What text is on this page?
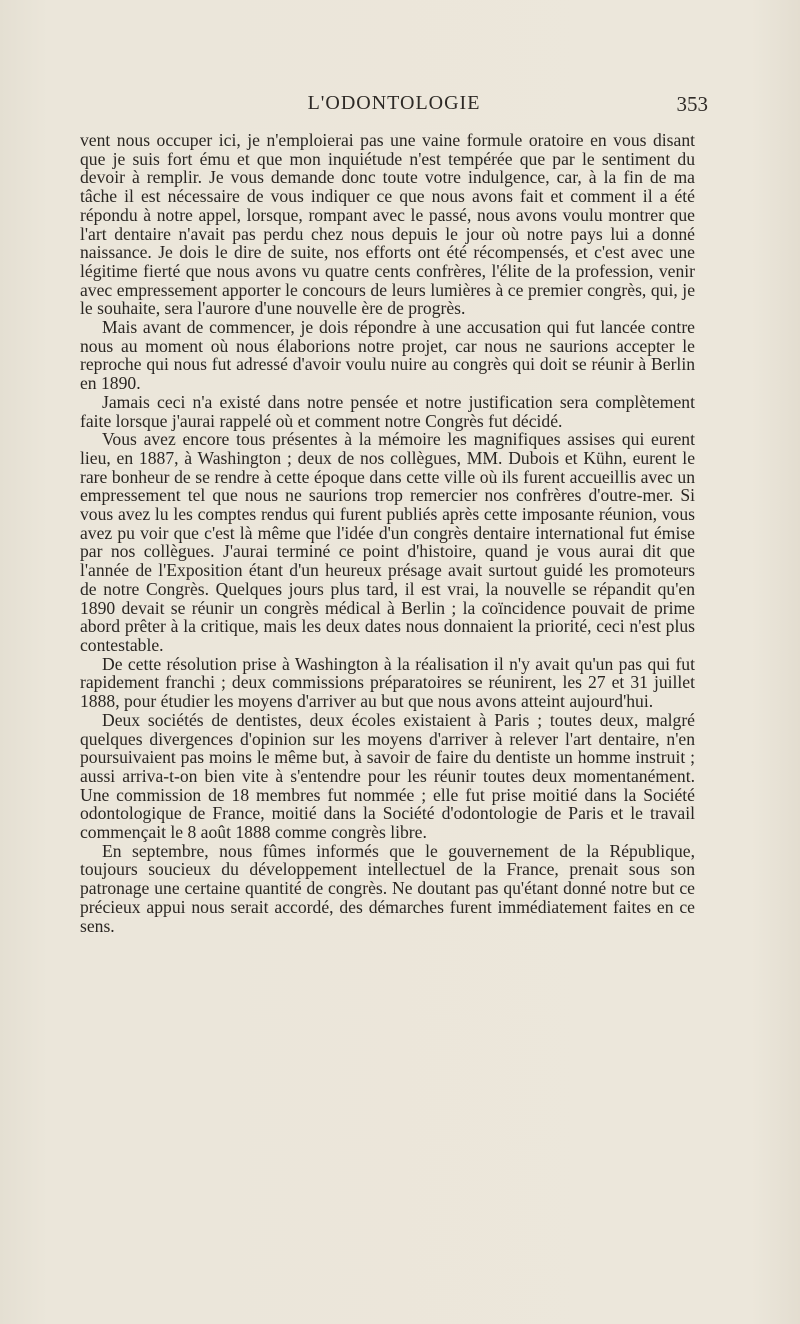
L'ODONTOLOGIE	353

vent nous occuper ici, je n'emploierai pas une vaine formule oratoire en vous disant que je suis fort ému et que mon inquiétude n'est tempérée que par le sentiment du devoir à remplir. Je vous demande donc toute votre indulgence, car, à la fin de ma tâche il est nécessaire de vous indiquer ce que nous avons fait et comment il a été répondu à notre appel, lorsque, rompant avec le passé, nous avons voulu montrer que l'art dentaire n'avait pas perdu chez nous depuis le jour où notre pays lui a donné naissance. Je dois le dire de suite, nos efforts ont été récompensés, et c'est avec une légitime fierté que nous avons vu quatre cents confrères, l'élite de la profession, venir avec empressement apporter le concours de leurs lumières à ce premier congrès, qui, je le souhaite, sera l'aurore d'une nouvelle ère de progrès.

Mais avant de commencer, je dois répondre à une accusation qui fut lancée contre nous au moment où nous élaborions notre projet, car nous ne saurions accepter le reproche qui nous fut adressé d'avoir voulu nuire au congrès qui doit se réunir à Berlin en 1890.

Jamais ceci n'a existé dans notre pensée et notre justification sera complètement faite lorsque j'aurai rappelé où et comment notre Congrès fut décidé.

Vous avez encore tous présentes à la mémoire les magnifiques assises qui eurent lieu, en 1887, à Washington ; deux de nos collègues, MM. Dubois et Kühn, eurent le rare bonheur de se rendre à cette époque dans cette ville où ils furent accueillis avec un empressement tel que nous ne saurions trop remercier nos confrères d'outre-mer. Si vous avez lu les comptes rendus qui furent publiés après cette imposante réunion, vous avez pu voir que c'est là même que l'idée d'un congrès dentaire international fut émise par nos collègues. J'aurai terminé ce point d'histoire, quand je vous aurai dit que l'année de l'Exposition étant d'un heureux présage avait surtout guidé les promoteurs de notre Congrès. Quelques jours plus tard, il est vrai, la nouvelle se répandit qu'en 1890 devait se réunir un congrès médical à Berlin ; la coïncidence pouvait de prime abord prêter à la critique, mais les deux dates nous donnaient la priorité, ceci n'est plus contestable.

De cette résolution prise à Washington à la réalisation il n'y avait qu'un pas qui fut rapidement franchi ; deux commissions préparatoires se réunirent, les 27 et 31 juillet 1888, pour étudier les moyens d'arriver au but que nous avons atteint aujourd'hui.

Deux sociétés de dentistes, deux écoles existaient à Paris ; toutes deux, malgré quelques divergences d'opinion sur les moyens d'arriver à relever l'art dentaire, n'en poursuivaient pas moins le même but, à savoir de faire du dentiste un homme instruit ; aussi arriva-t-on bien vite à s'entendre pour les réunir toutes deux momentanément. Une commission de 18 membres fut nommée ; elle fut prise moitié dans la Société odontologique de France, moitié dans la Société d'odontologie de Paris et le travail commençait le 8 août 1888 comme congrès libre.

En septembre, nous fûmes informés que le gouvernement de la République, toujours soucieux du développement intellectuel de la France, prenait sous son patronage une certaine quantité de congrès. Ne doutant pas qu'étant donné notre but ce précieux appui nous serait accordé, des démarches furent immédiatement faites en ce sens.
